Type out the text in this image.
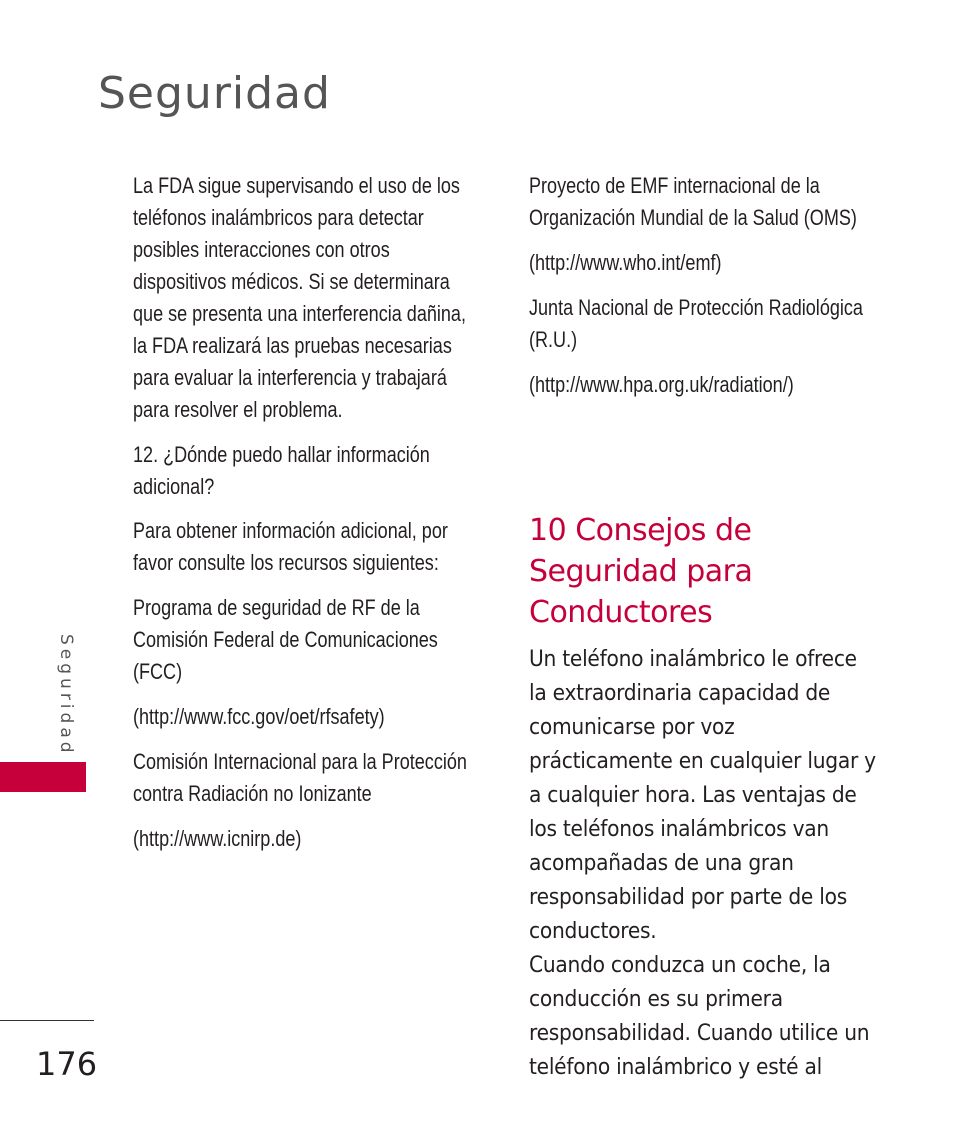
Seguridad

La FDA sigue supervisando el uso de los teléfonos inalámbricos para detectar posibles interacciones con otros dispositivos médicos. Si se determinara que se presenta una interferencia dañina, la FDA realizará las pruebas necesarias para evaluar la interferencia y trabajará para resolver el problema.

12. ¿Dónde puedo hallar información adicional?

Para obtener información adicional, por favor consulte los recursos siguientes:

Programa de seguridad de RF de la Comisión Federal de Comunicaciones (FCC)

(http://www.fcc.gov/oet/rfsafety)

Comisión Internacional para la Protección contra Radiación no Ionizante

(http://www.icnirp.de)

Proyecto de EMF internacional de la Organización Mundial de la Salud (OMS)

(http://www.who.int/emf)

Junta Nacional de Protección Radiológica (R.U.)

(http://www.hpa.org.uk/radiation/)

10 Consejos de Seguridad para Conductores

Un teléfono inalámbrico le ofrece la extraordinaria capacidad de comunicarse por voz prácticamente en cualquier lugar y a cualquier hora. Las ventajas de los teléfonos inalámbricos van acompañadas de una gran responsabilidad por parte de los conductores.

Cuando conduzca un coche, la conducción es su primera responsabilidad. Cuando utilice un teléfono inalámbrico y esté al

Seguridad
176
